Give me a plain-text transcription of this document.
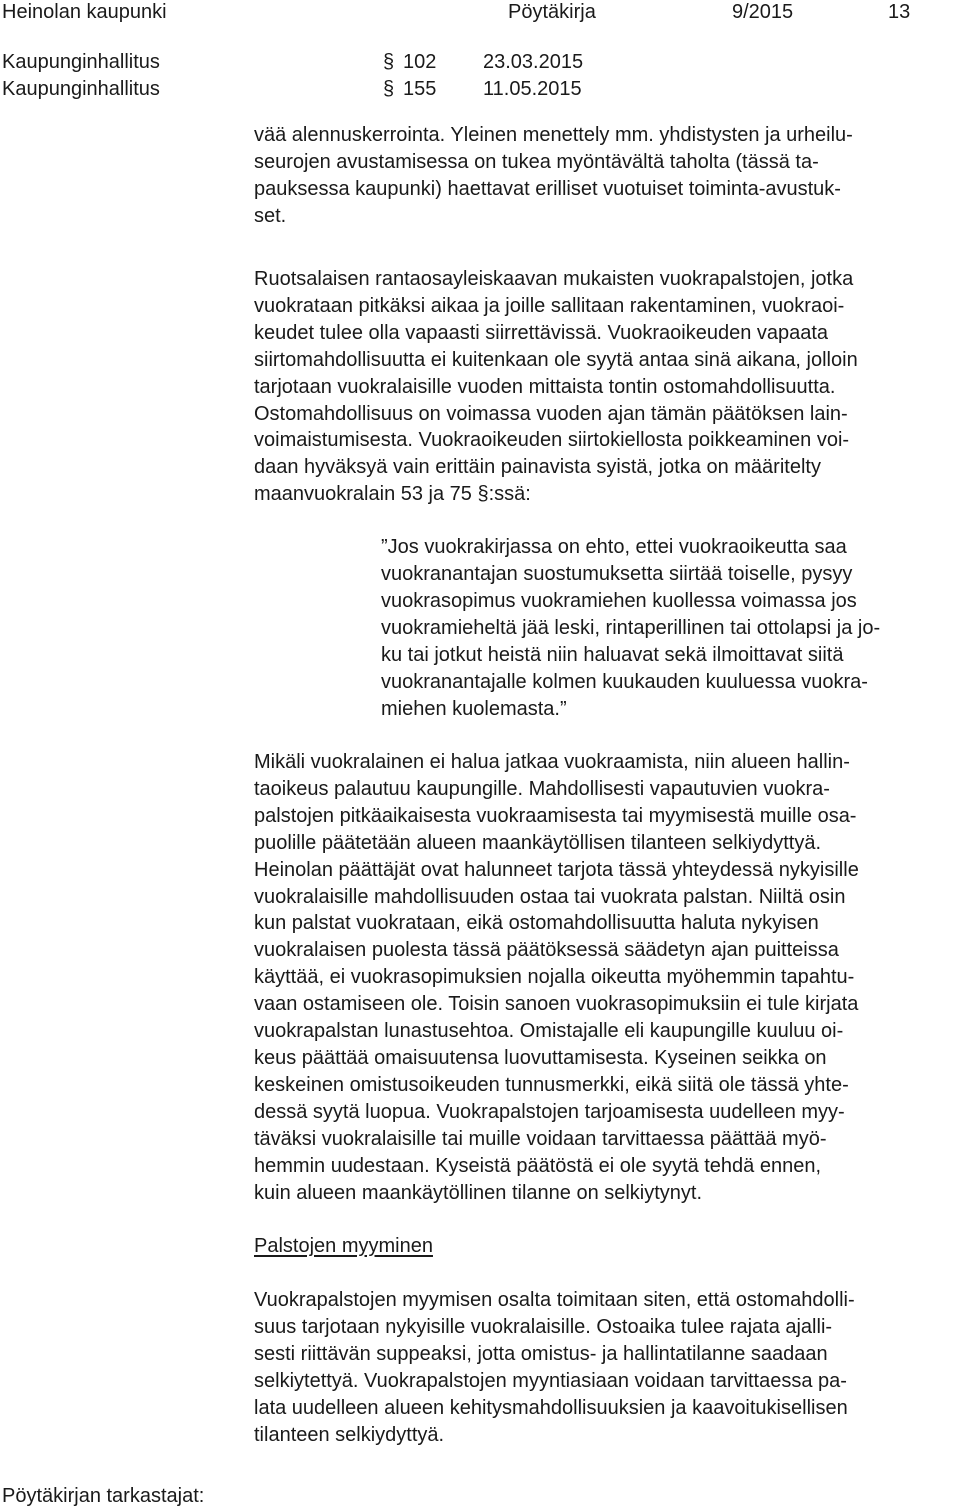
Heinolan kaupunki	Pöytäkirja	9/2015	13
Kaupunginhallitus	§ 102 23.03.2015
Kaupunginhallitus	§ 155 11.05.2015
vää alennuskerrointa. Yleinen menettely mm. yhdistysten ja urheilu-
seurojen avustamisessa on tukea myöntävältä taholta (tässä ta-
pauksessa kaupunki) haettavat erilliset vuotuiset toiminta-avustuk-
set.
Ruotsalaisen rantaosayleiskaavan mukaisten vuokrapalstojen, jotka
vuokrataan pitkäksi aikaa ja joille sallitaan rakentaminen, vuokraoi-
keudet tulee olla vapaasti siirrettävissä. Vuokraoikeuden vapaata
siirtomahdollisuutta ei kuitenkaan ole syytä antaa sinä aikana, jolloin
tarjotaan vuokralaisille vuoden mittaista tontin ostomahdollisuutta.
Ostomahdollisuus on voimassa vuoden ajan tämän päätöksen lain-
voimaistumisesta. Vuokraoikeuden siirtokiellosta poikkeaminen voi-
daan hyväksyä vain erittäin painavista syistä, jotka on määritelty
maanvuokralain 53 ja 75 §:ssä:
”Jos vuokrakirjassa on ehto, ettei vuokraoikeutta saa
vuokranantajan suostumuksetta siirtää toiselle, pysyy
vuokrasopimus vuokramiehen kuollessa voimassa jos
vuokramieheltä jää leski, rintaperillinen tai ottolapsi ja jo-
ku tai jotkut heistä niin haluavat sekä ilmoittavat siitä
vuokranantajalle kolmen kuukauden kuuluessa vuokra-
miehen kuolemasta.”
Mikäli vuokralainen ei halua jatkaa vuokraamista, niin alueen hallin-
taoikeus palautuu kaupungille. Mahdollisesti vapautuvien vuokra-
palstojen pitkäaikaisesta vuokraamisesta tai myymisestä muille osa-
puolille päätetään alueen maankäytöllisen tilanteen selkiydyttyä.
Heinolan päättäjät ovat halunneet tarjota tässä yhteydessä nykyisille
vuokralaisille mahdollisuuden ostaa tai vuokrata palstan. Niiltä osin
kun palstat vuokrataan, eikä ostomahdollisuutta haluta nykyisen
vuokralaisen puolesta tässä päätöksessä säädetyn ajan puitteissa
käyttää, ei vuokrasopimuksien nojalla oikeutta myöhemmin tapahtu-
vaan ostamiseen ole. Toisin sanoen vuokrasopimuksiin ei tule kirjata
vuokrapalstan lunastusehtoa. Omistajalle eli kaupungille kuuluu oi-
keus päättää omaisuutensa luovuttamisesta. Kyseinen seikka on
keskeinen omistusoikeuden tunnusmerkki, eikä siitä ole tässä yhte-
dessä syytä luopua. Vuokrapalstojen tarjoamisesta uudelleen myy-
täväksi vuokralaisille tai muille voidaan tarvittaessa päättää myö-
hemmin uudestaan. Kyseistä päätöstä ei ole syytä tehdä ennen,
kuin alueen maankäytöllinen tilanne on selkiytynyt.
Palstojen myyminen
Vuokrapalstojen myymisen osalta toimitaan siten, että ostomahdolli-
suus tarjotaan nykyisille vuokralaisille. Ostoaika tulee rajata ajalli-
sesti riittävän suppeaksi, jotta omistus- ja hallintatilanne saadaan
selkiytettyä. Vuokrapalstojen myyntiasiaan voidaan tarvittaessa pa-
lata uudelleen alueen kehitysmahdollisuuksien ja kaavoitukisellisen
tilanteen selkiydyttyä.
Pöytäkirjan tarkastajat:
